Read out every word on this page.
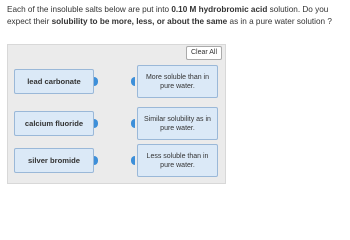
Each of the insoluble salts below are put into 0.10 M hydrobromic acid solution. Do you expect their solubility to be more, less, or about the same as in a pure water solution ?
Clear All
lead carbonate
calcium fluoride
silver bromide
More soluble than in pure water.
Similar solubility as in pure water.
Less soluble than in pure water.
